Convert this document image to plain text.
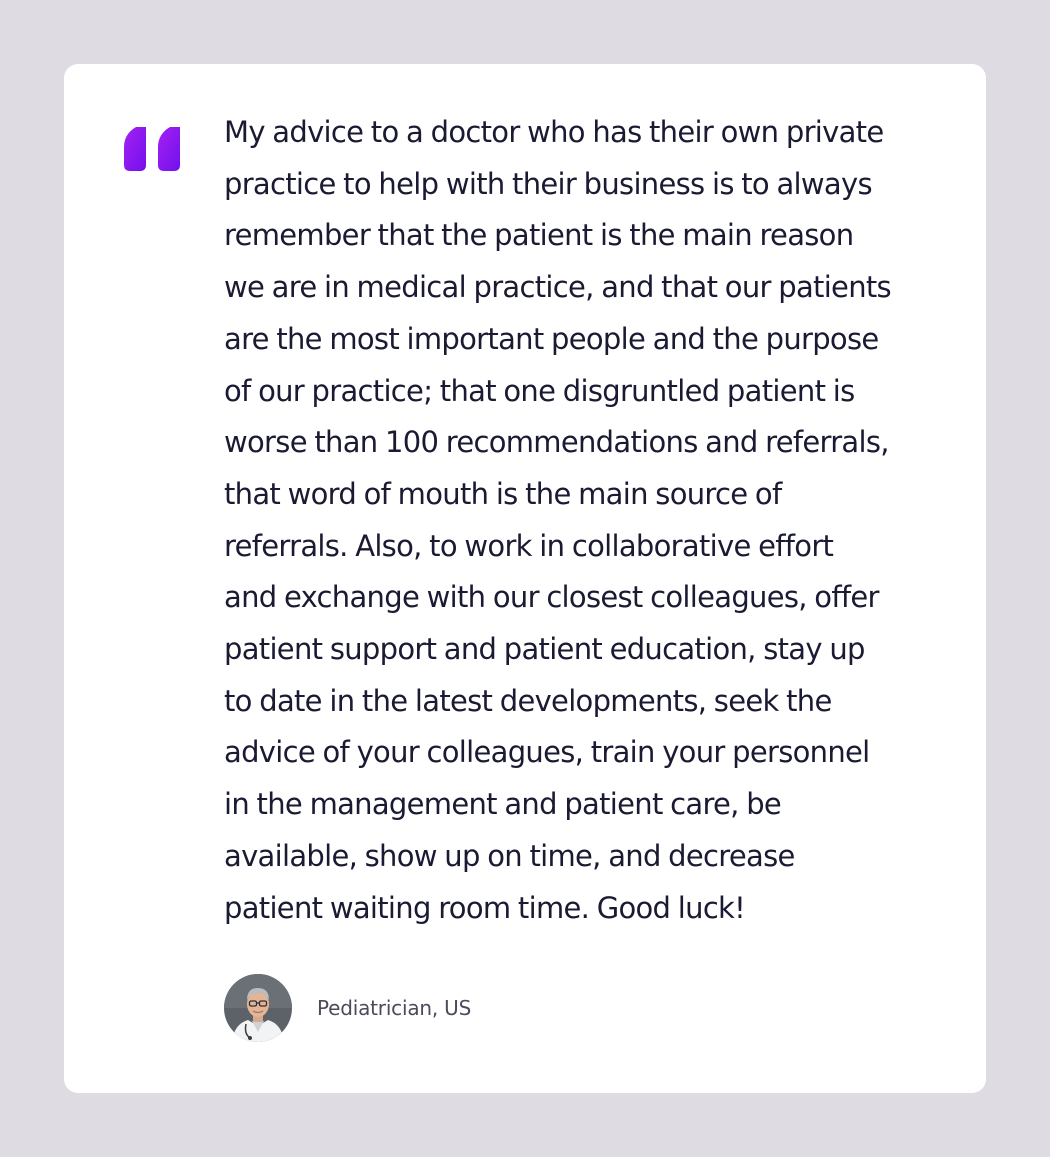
My advice to a doctor who has their own private
practice to help with their business is to always
remember that the patient is the main reason
we are in medical practice, and that our patients
are the most important people and the purpose
of our practice; that one disgruntled patient is
worse than 100 recommendations and referrals,
that word of mouth is the main source of
referrals. Also, to work in collaborative effort
and exchange with our closest colleagues, offer
patient support and patient education, stay up
to date in the latest developments, seek the
advice of your colleagues, train your personnel
in the management and patient care, be
available, show up on time, and decrease
patient waiting room time. Good luck!

Pediatrician, US
